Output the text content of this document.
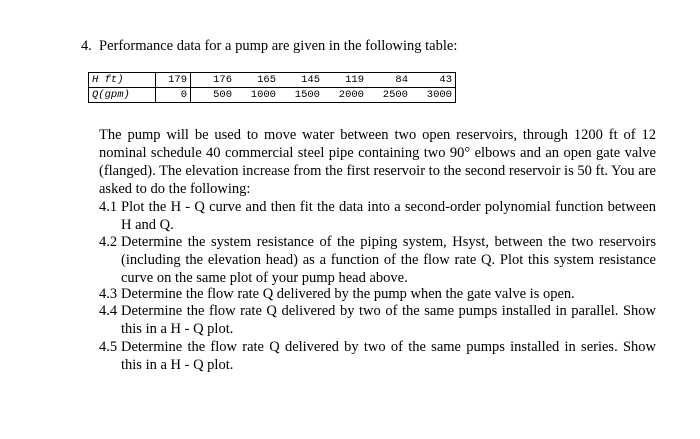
4. Performance data for a pump are given in the following table:
H ft)	179	176	165	145	119	84	43
Q(gpm)	0	500	1000	1500	2000	2500	3000

The pump will be used to move water between two open reservoirs, through 1200 ft of 12 nominal schedule 40 commercial steel pipe containing two 90° elbows and an open gate valve (flanged). The elevation increase from the first reservoir to the second reservoir is 50 ft. You are asked to do the following:

4.1 Plot the H - Q curve and then fit the data into a second-order polynomial function between H and Q.
4.2 Determine the system resistance of the piping system, Hsyst, between the two reservoirs (including the elevation head) as a function of the flow rate Q. Plot this system resistance curve on the same plot of your pump head above.
4.3 Determine the flow rate Q delivered by the pump when the gate valve is open.
4.4 Determine the flow rate Q delivered by two of the same pumps installed in parallel. Show this in a H - Q plot.
4.5 Determine the flow rate Q delivered by two of the same pumps installed in series. Show this in a H - Q plot.
